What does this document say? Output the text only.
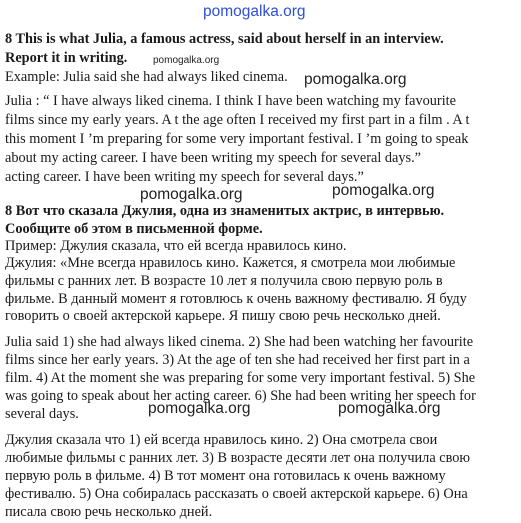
pomogalka.org
8 This is what Julia, a famous actress, said about herself in an interview.
Report it in writing.	pomogalka.org
Example: Julia said she had always liked cinema. pomogalka.org
Julia : “ I have always liked cinema. I think I have been watching my favourite
films since my early years. A t the age often I received my first part in a film . A t
this moment I ’m preparing for some very important festival. I ’m going to speak
about my acting career. I have been writing my speech for several days.”
acting career. I have been writing my speech for several days.”
pomogalka.org	pomogalka.org
8 Вот что сказала Джулия, одна из знаменитых актрис, в интервью.
Сообщите об этом в письменной форме.
Пример: Джулия сказала, что ей всегда нравилось кино.
Джулия: «Мне всегда нравилось кино. Кажется, я смотрела мои любимые
фильмы с ранних лет. В возрасте 10 лет я получила свою первую роль в
фильме. В данный момент я готовлюсь к очень важному фестивалю. Я буду
говорить о своей актерской карьере. Я пишу свою речь несколько дней.
Julia said 1) she had always liked cinema. 2) She had been watching her favourite
films since her early years. 3) At the age of ten she had received her first part in a
film. 4) At the moment she was preparing for some very important festival. 5) She
was going to speak about her acting career. 6) She had been writing her speech for
several days.	pomogalka.org	pomogalka.org
Джулия сказала что 1) ей всегда нравилось кино. 2) Она смотрела свои
любимые фильмы с ранних лет. 3) В возрасте десяти лет она получила свою
первую роль в фильме. 4) В тот момент она готовилась к очень важному
фестивалю. 5) Она собиралась рассказать о своей актерской карьере. 6) Она
писала свою речь несколько дней.
